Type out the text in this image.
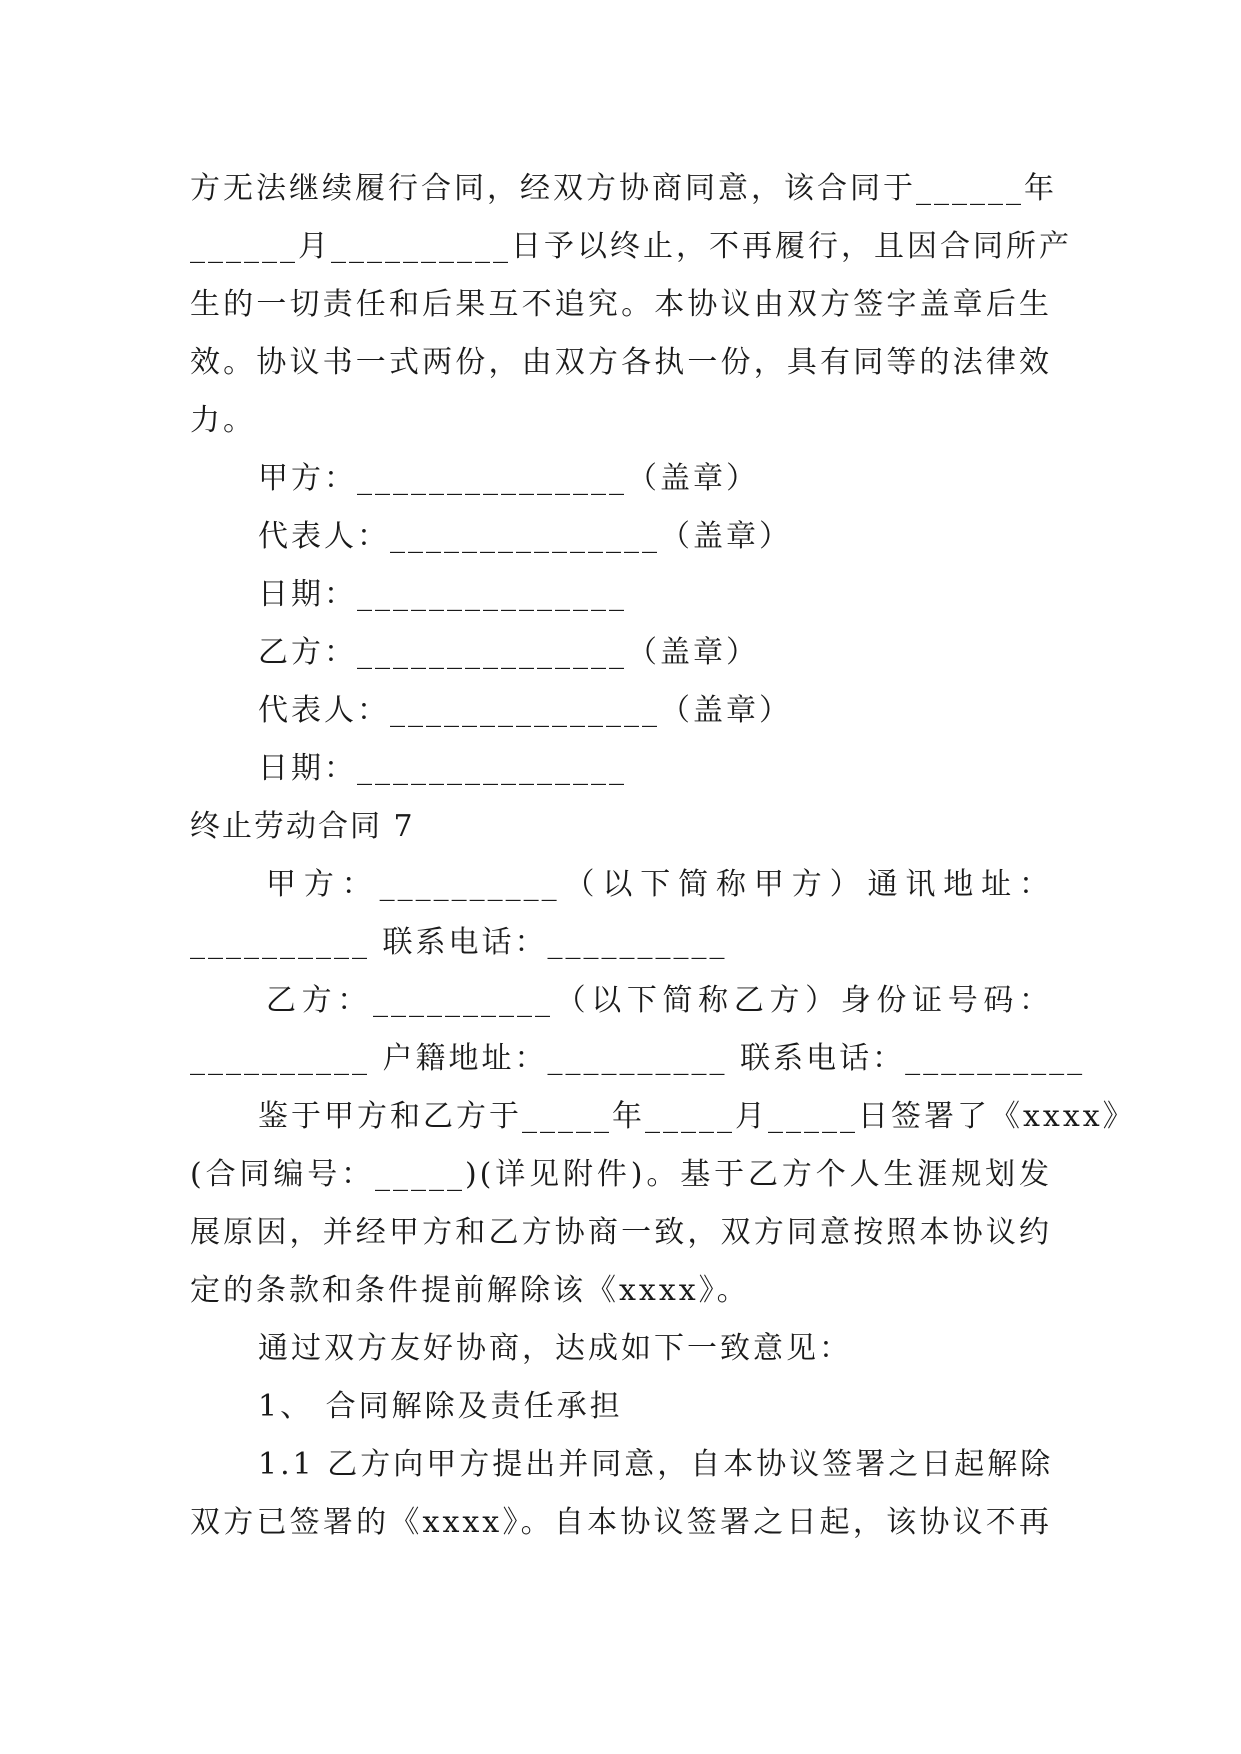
方无法继续履行合同，经双方协商同意，该合同于______年
______月__________日予以终止，不再履行，且因合同所产
生的一切责任和后果互不追究。本协议由双方签字盖章后生
效。协议书一式两份，由双方各执一份，具有同等的法律效
力。
甲方：_______________（盖章）
代表人：_______________（盖章）
日期：_______________
乙方：_______________（盖章）
代表人：_______________（盖章）
日期：_______________
终止劳动合同 7
甲方：__________（以下简称甲方）通讯地址：
__________ 联系电话：__________
乙方：__________（以下简称乙方）身份证号码：
__________ 户籍地址：__________ 联系电话：__________
鉴于甲方和乙方于_____年_____月_____日签署了《xxxx》
(合同编号：_____)(详见附件)。基于乙方个人生涯规划发
展原因，并经甲方和乙方协商一致，双方同意按照本协议约
定的条款和条件提前解除该《xxxx》。
通过双方友好协商，达成如下一致意见：
1、 合同解除及责任承担
1.1 乙方向甲方提出并同意，自本协议签署之日起解除
双方已签署的《xxxx》。自本协议签署之日起，该协议不再
